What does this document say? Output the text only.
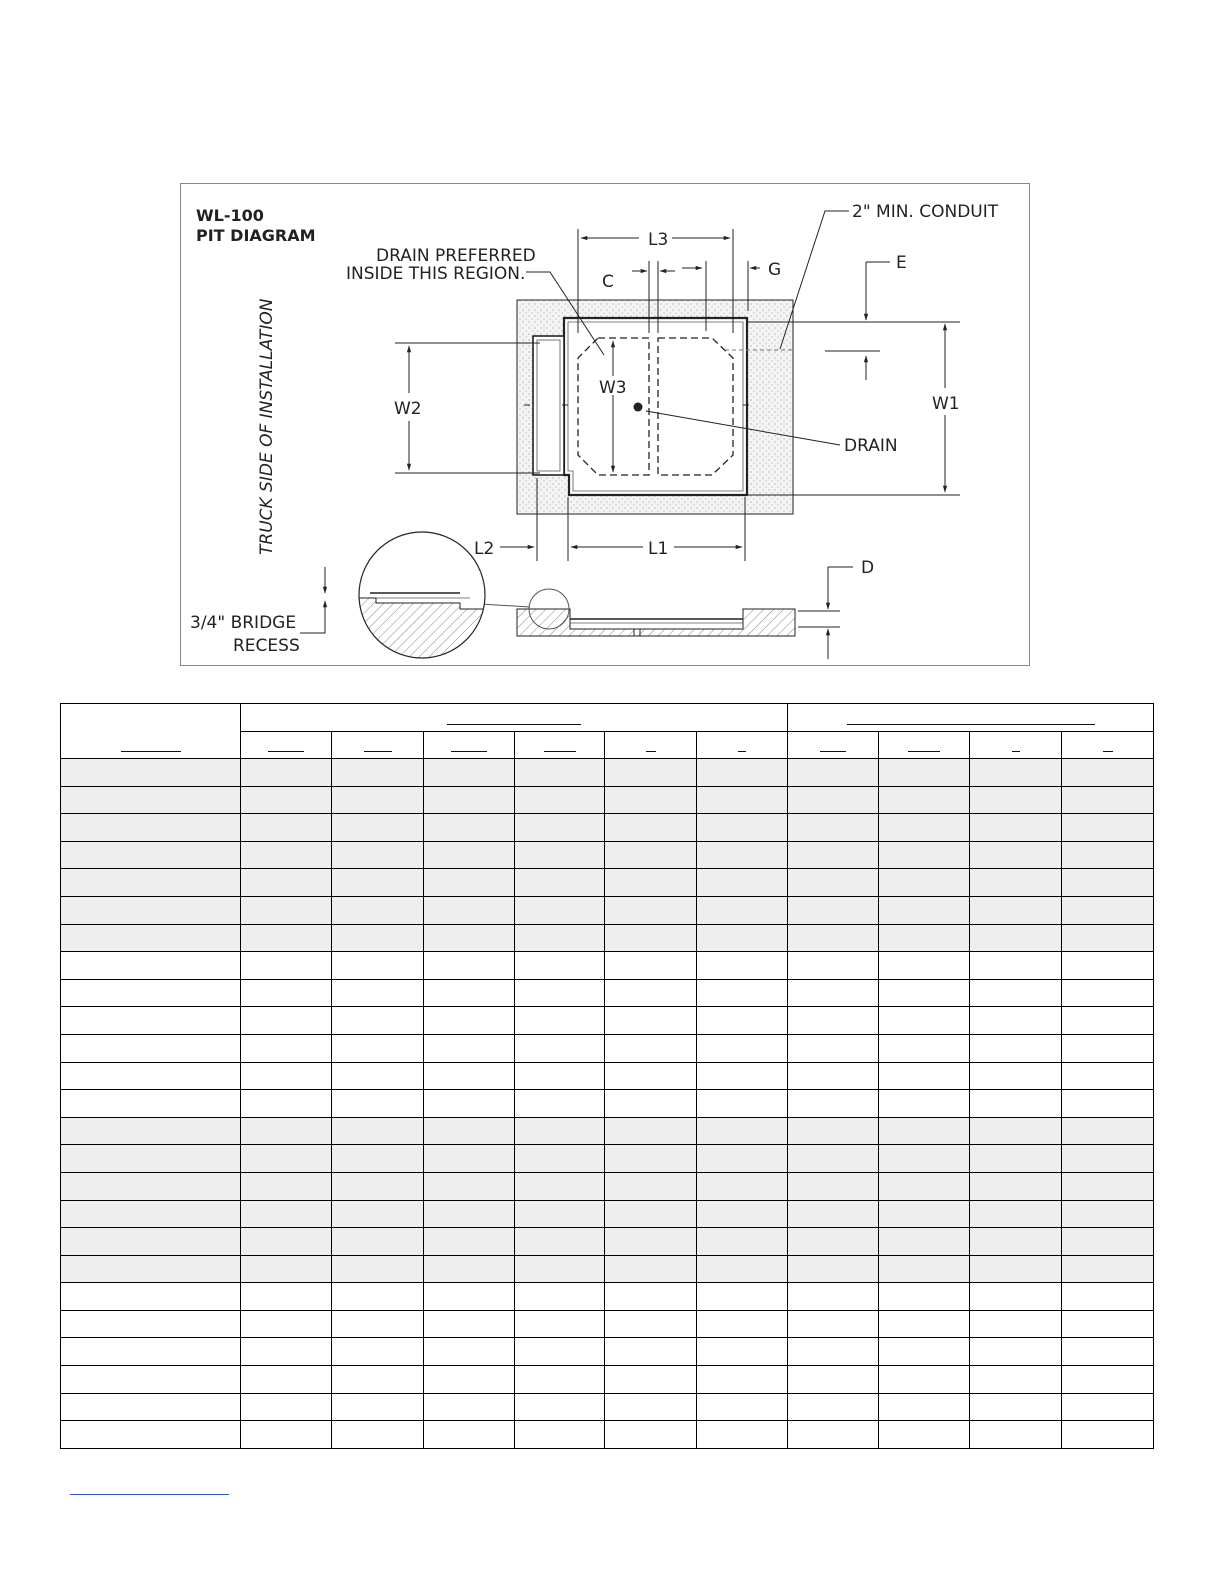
WL-100
PIT DIAGRAM
TRUCK SIDE OF INSTALLATION
2" MIN. CONDUIT
DRAIN PREFERRED
INSIDE THIS REGION.
L3
C
G	E
W1
W2
W3
DRAIN
L2	L1
D
3/4" BRIDGE
RECESS
